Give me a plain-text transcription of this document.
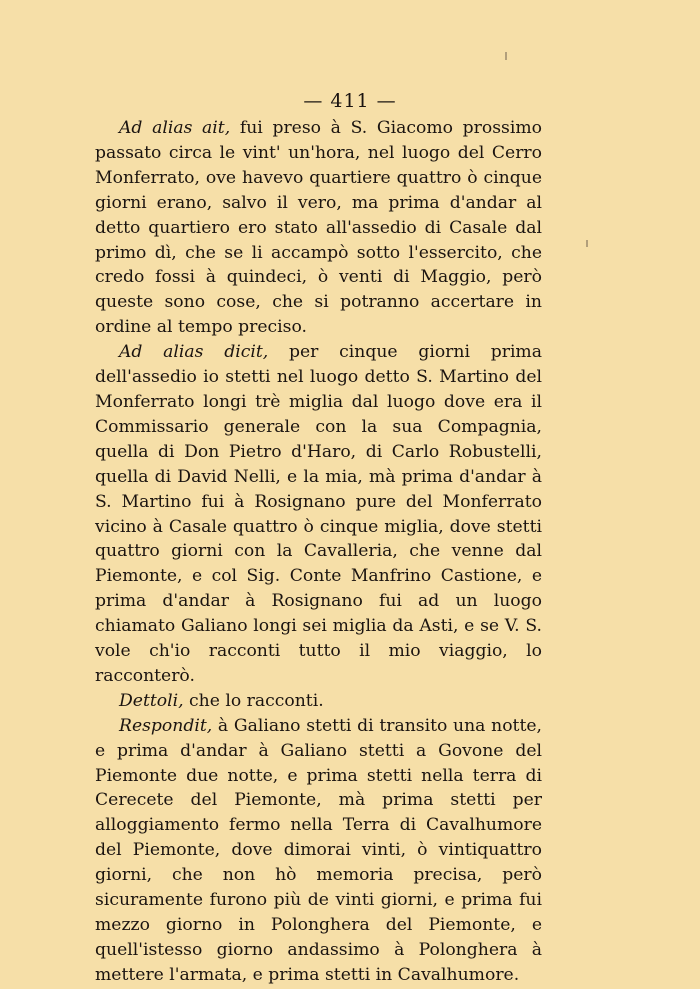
— 411 —

Ad alias ait, fui preso à S. Giacomo prossimo passato circa le vint' un'hora, nel luogo del Cerro Monferrato, ove havevo quartiere quattro ò cinque giorni erano, salvo il vero, ma prima d'andar al detto quartiero ero stato all'assedio di Casale dal primo dì, che se li accampò sotto l'essercito, che credo fossi à quindeci, ò venti di Maggio, però queste sono cose, che si potranno accertare in ordine al tempo preciso.

Ad alias dicit, per cinque giorni prima dell'assedio io stetti nel luogo detto S. Martino del Monferrato longi trè miglia dal luogo dove era il Commissario generale con la sua Compagnia, quella di Don Pietro d'Haro, di Carlo Robustelli, quella di David Nelli, e la mia, mà prima d'andar à S. Martino fui à Rosignano pure del Monferrato vicino à Casale quattro ò cinque miglia, dove stetti quattro giorni con la Cavalleria, che venne dal Piemonte, e col Sig. Conte Manfrino Castione, e prima d'andar à Rosignano fui ad un luogo chiamato Galiano longi sei miglia da Asti, e se V. S. vole ch'io racconti tutto il mio viaggio, lo racconterò.

Dettoli, che lo racconti.

Respondit, à Galiano stetti di transito una notte, e prima d'andar à Galiano stetti a Govone del Piemonte due notte, e prima stetti nella terra di Cerecete del Piemonte, mà prima stetti per alloggiamento fermo nella Terra di Cavalhumore del Piemonte, dove dimorai vinti, ò vintiquattro giorni, che non hò memoria precisa, però sicuramente furono più de vinti giorni, e prima fui mezzo giorno in Polonghera del Piemonte, e quell'istesso giorno andassimo à Polonghera à mettere l'armata, e prima stetti in Cavalhumore.
